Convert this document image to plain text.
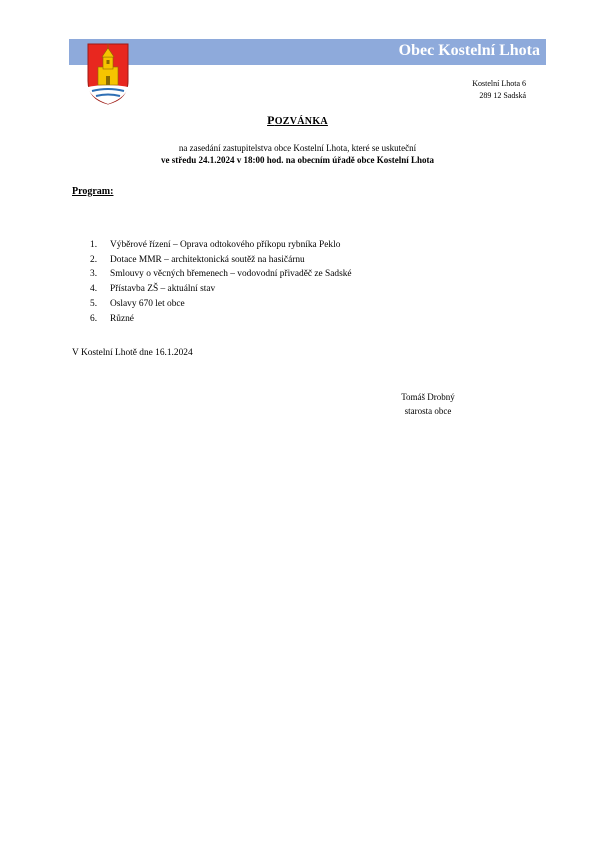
Obec Kostelní Lhota
Kostelní Lhota 6
289 12 Sadská
POZVÁNKA
na zasedání zastupitelstva obce Kostelní Lhota, které se uskuteční
ve středu 24.1.2024 v 18:00 hod. na obecním úřadě obce Kostelní Lhota
Program:
1.	Výběrové řízení – Oprava odtokového příkopu rybníka Peklo
2.	Dotace MMR – architektonická soutěž na hasičárnu
3.	Smlouvy o věcných břemenech – vodovodní přivaděč ze Sadské
4.	Přístavba ZŠ – aktuální stav
5.	Oslavy 670 let obce
6.	Různé
V Kostelní Lhotě dne 16.1.2024
Tomáš Drobný
starosta obce
